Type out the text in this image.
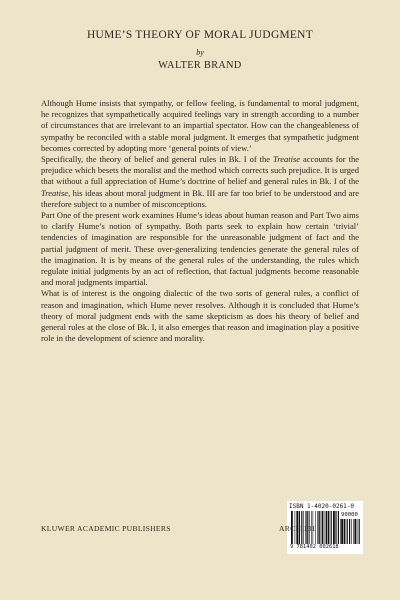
HUME’S THEORY OF MORAL JUDGMENT
by
WALTER BRAND

Although Hume insists that sympathy, or fellow feeling, is fundamental to moral judgment, he recognizes that sympathetically acquired feelings vary in strength according to a number of circumstances that are irrelevant to an impartial spectator. How can the changeableness of sympathy be reconciled with a stable moral judgment. It emerges that sympathetic judgment becomes corrected by adopting more ‘general points of view.’

Specifically, the theory of belief and general rules in Bk. I of the Treatise accounts for the prejudice which besets the moralist and the method which corrects such prejudice. It is urged that without a full appreciation of Hume’s doctrine of belief and general rules in Bk. I of the Treatise, his ideas about moral judgment in Bk. III are far too brief to be understood and are therefore subject to a number of misconceptions.

Part One of the present work examines Hume’s ideas about human reason and Part Two aims to clarify Hume’s notion of sympathy. Both parts seek to explain how certain ‘trivial’ tendencies of imagination are responsible for the unreasonable judgment of fact and the partial judgment of merit. These over-generalizing tendencies generate the general rules of the imagination. It is by means of the general rules of the understanding, the rules which regulate initial judgments by an act of reflection, that factual judgments become reasonable and moral judgments impartial.

What is of interest is the ongoing dialectic of the two sorts of general rules, a conflict of reason and imagination, which Hume never resolves. Although it is concluded that Hume’s theory of moral judgment ends with the same skepticism as does his theory of belief and general rules at the close of Bk. I, it also emerges that reason and imagination play a positive role in the development of science and morality.

ISBN 1-4020-0261-0
90000
9 781402 002618
KLUWER ACADEMIC PUBLISHERS	ARCH 131
